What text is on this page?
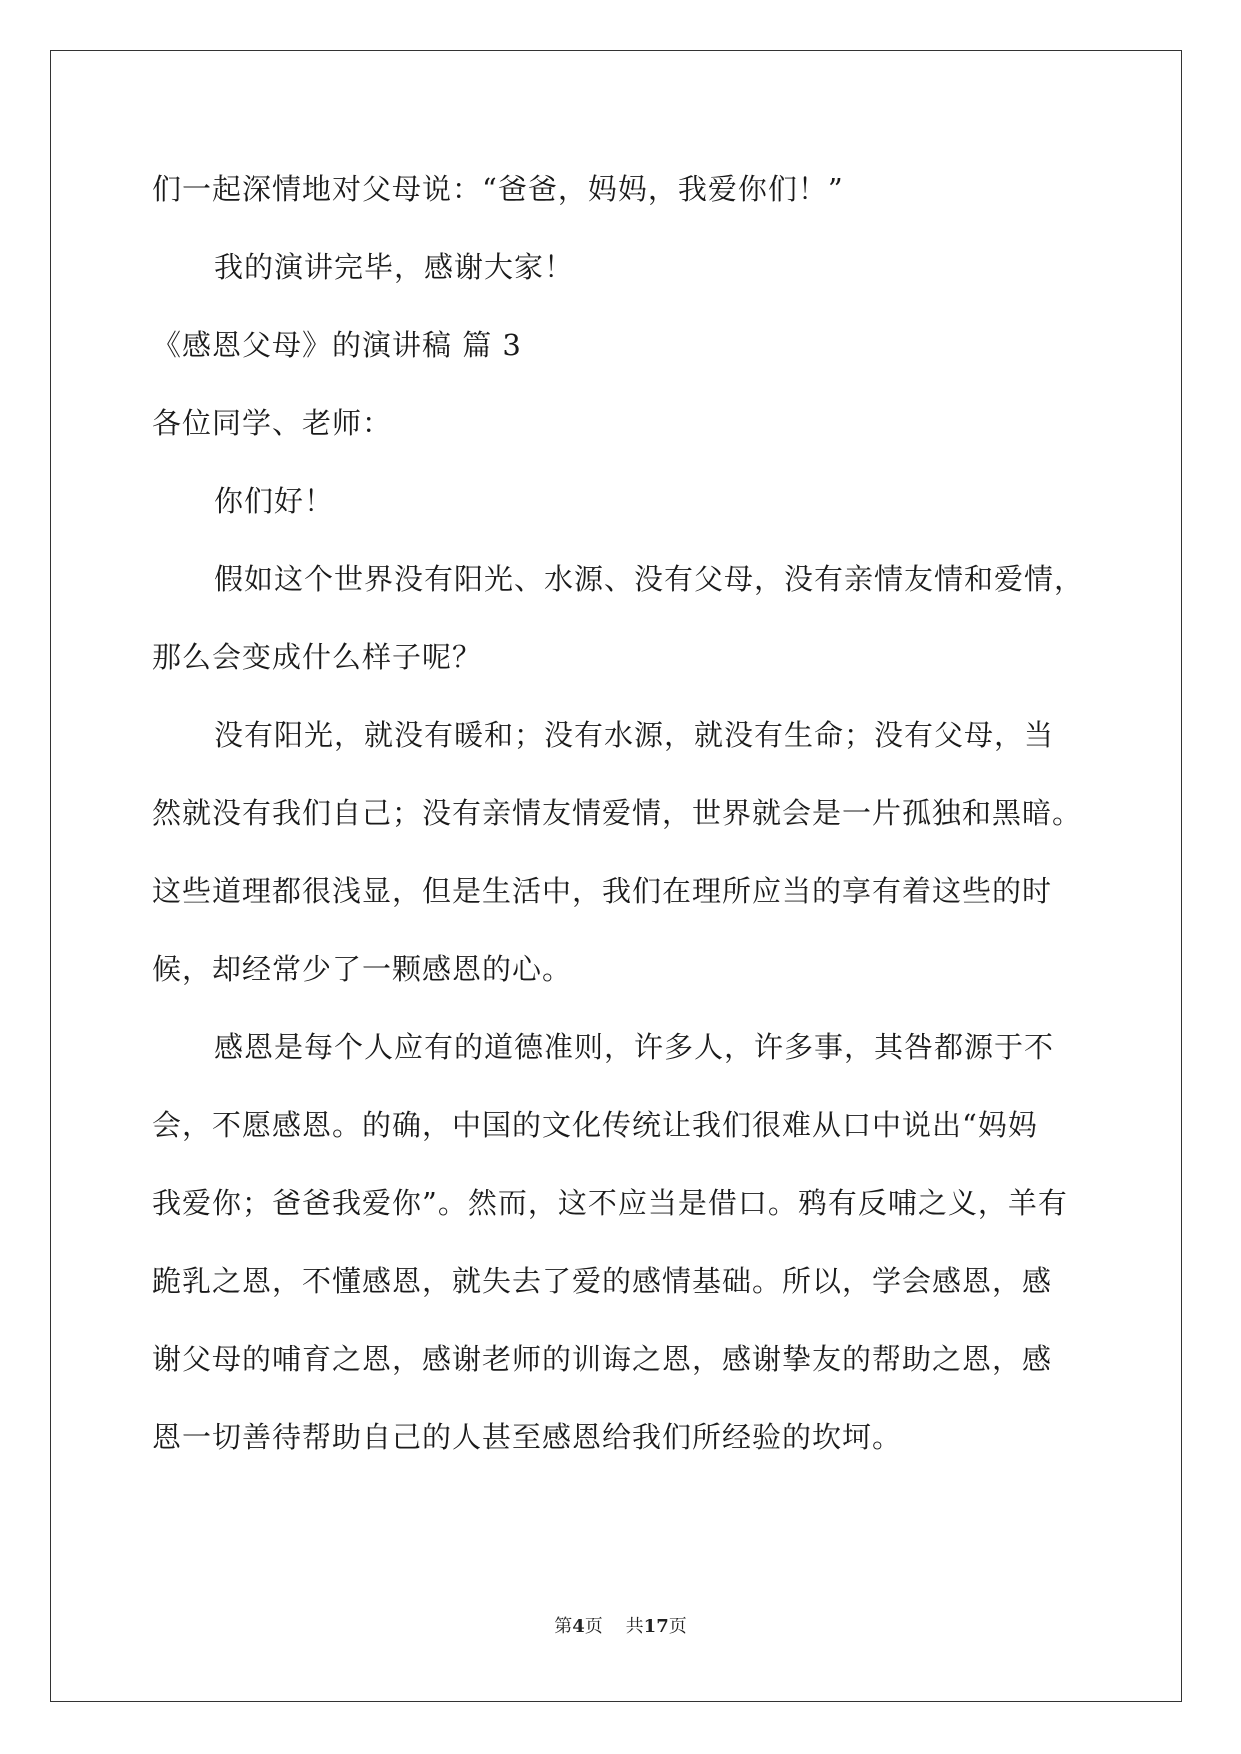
们一起深情地对父母说：“爸爸，妈妈，我爱你们！”
我的演讲完毕，感谢大家！
《感恩父母》的演讲稿 篇 3
各位同学、老师：
你们好！
假如这个世界没有阳光、水源、没有父母，没有亲情友情和爱情，
那么会变成什么样子呢？
没有阳光，就没有暖和；没有水源，就没有生命；没有父母，当
然就没有我们自己；没有亲情友情爱情，世界就会是一片孤独和黑暗。
这些道理都很浅显，但是生活中，我们在理所应当的享有着这些的时
候，却经常少了一颗感恩的心。
感恩是每个人应有的道德准则，许多人，许多事，其咎都源于不
会，不愿感恩。的确，中国的文化传统让我们很难从口中说出“妈妈
我爱你；爸爸我爱你”。然而，这不应当是借口。鸦有反哺之义，羊有
跪乳之恩，不懂感恩，就失去了爱的感情基础。所以，学会感恩，感
谢父母的哺育之恩，感谢老师的训诲之恩，感谢挚友的帮助之恩，感
恩一切善待帮助自己的人甚至感恩给我们所经验的坎坷。
第4页 共17页
